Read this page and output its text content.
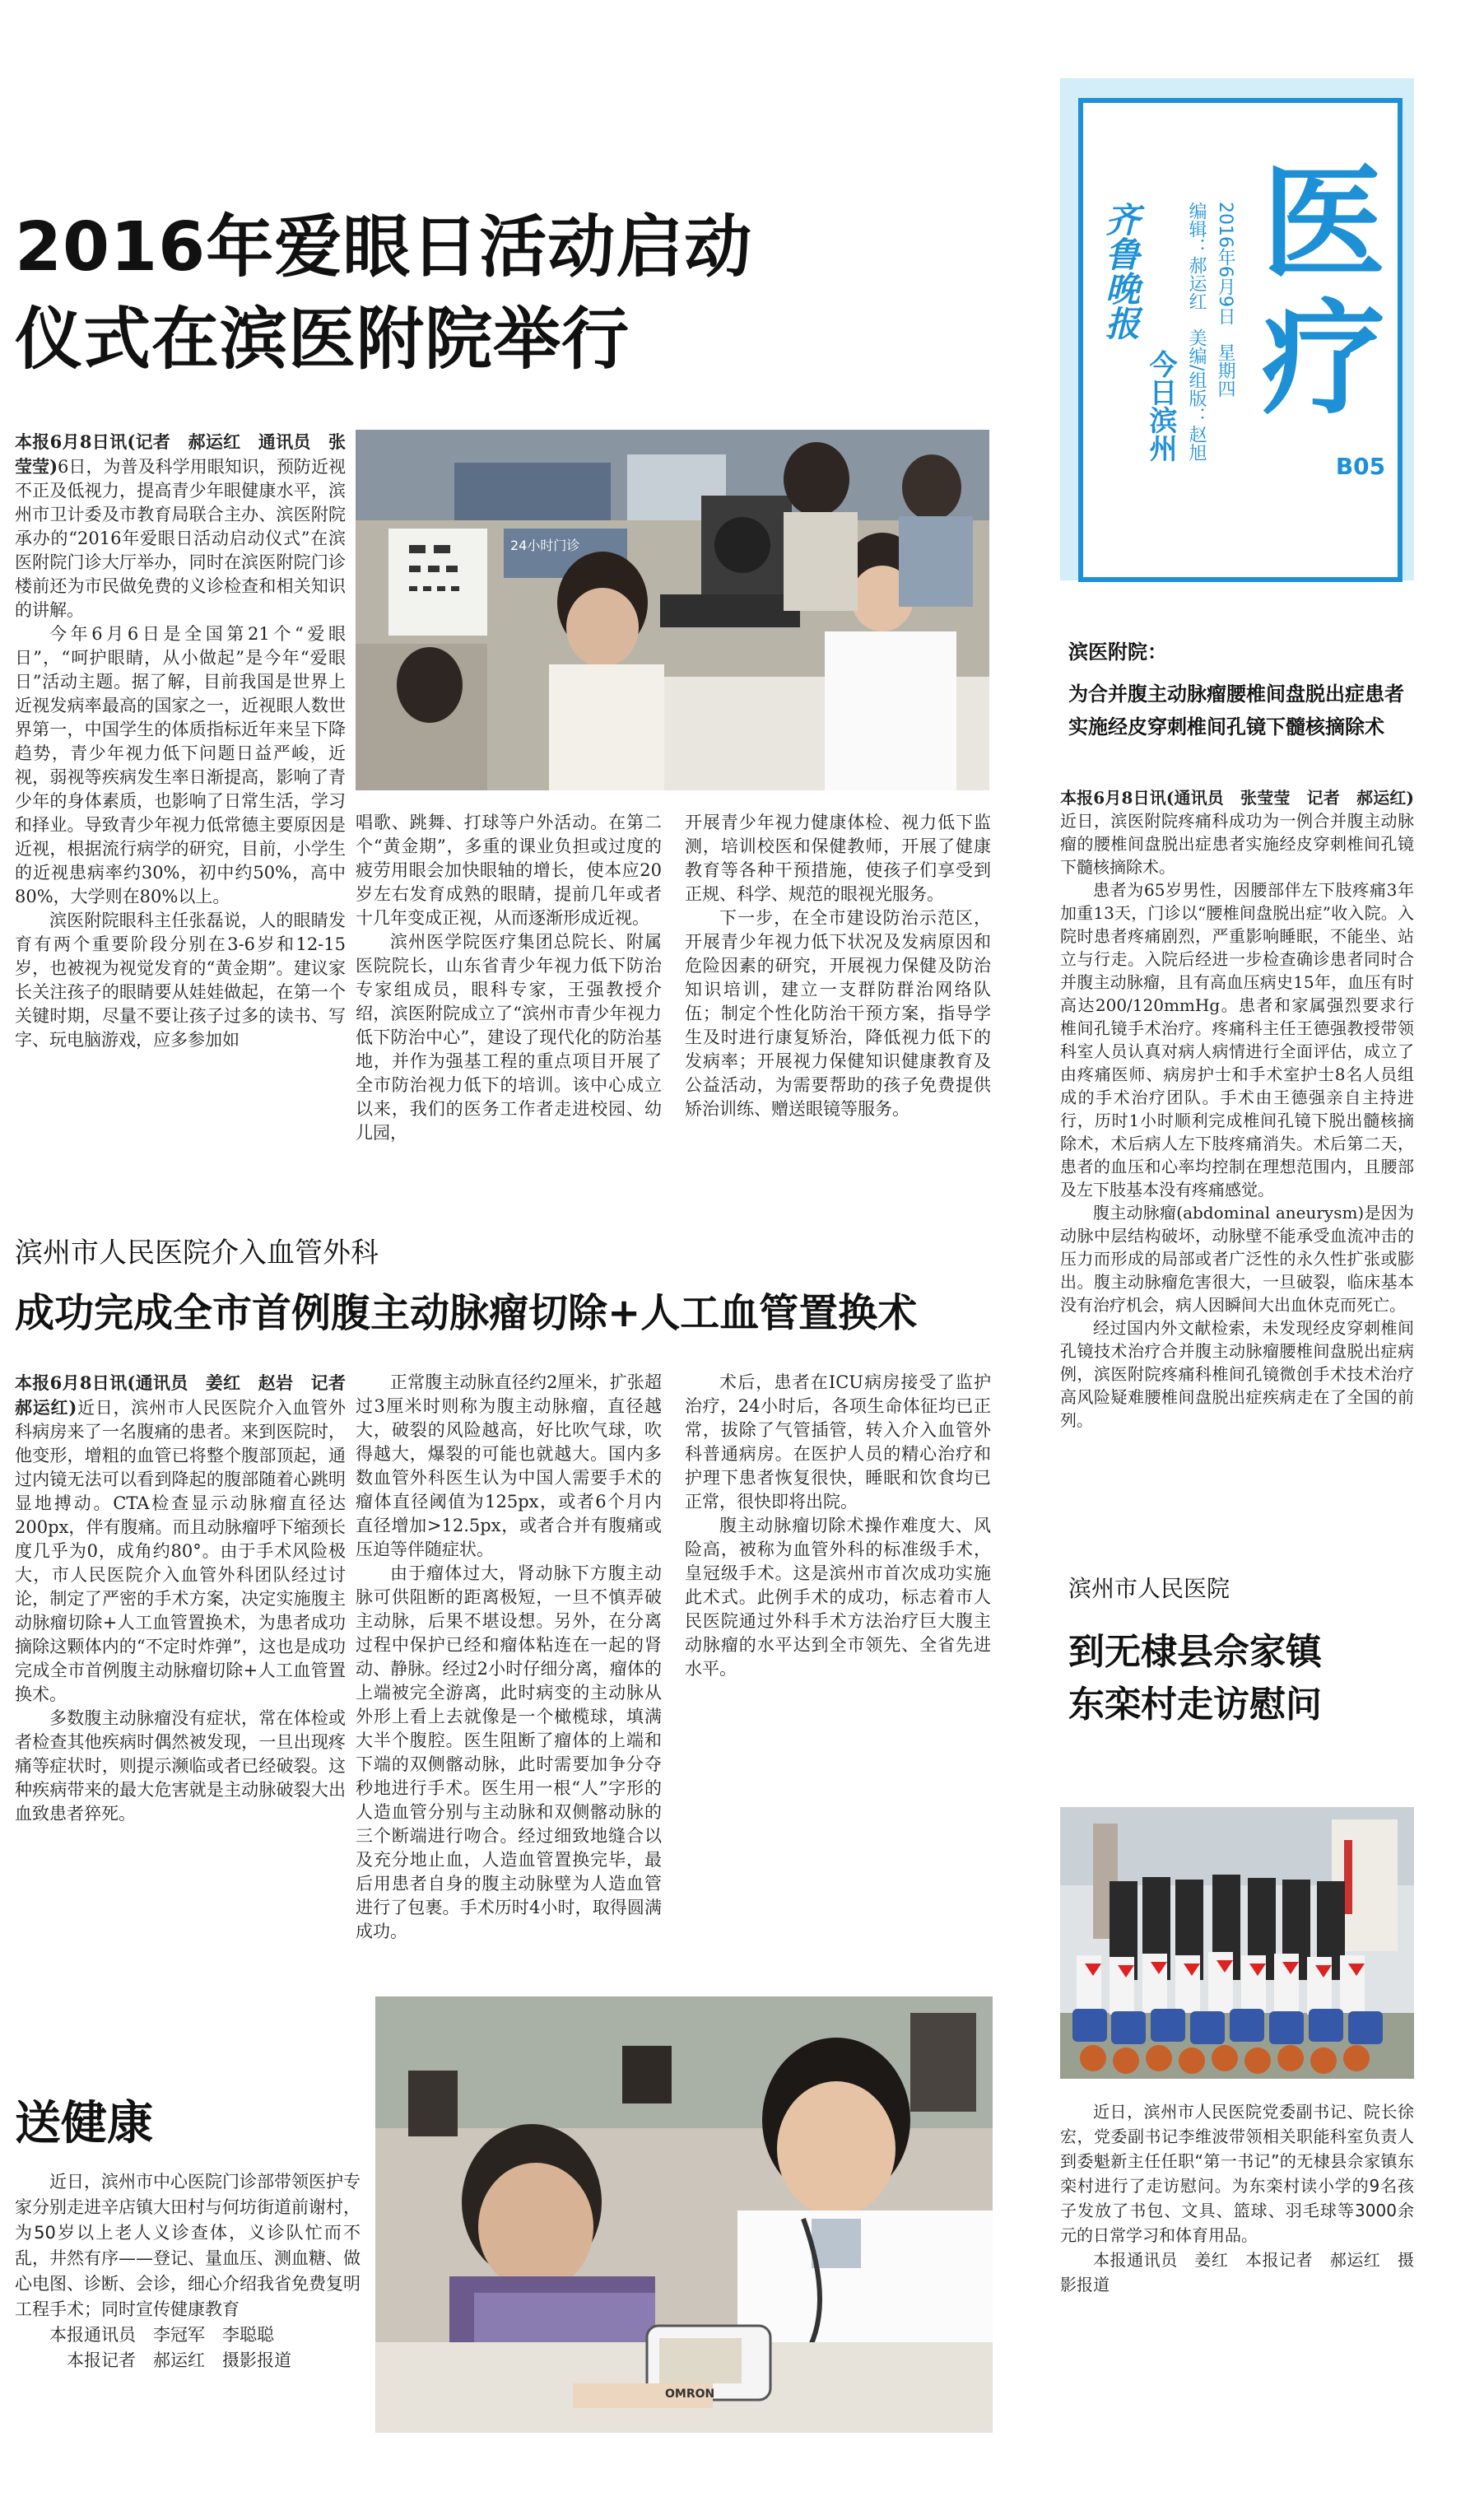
医
疗
齐鲁晚报
今日滨州 编辑：郝运红　美编/组版：赵旭 2016年6月9日　星期四
B05
2016年爱眼日活动启动
仪式在滨医附院举行
24小时门诊

本报6月8日讯(记者　郝运红　通讯员　张莹莹)6日，为普及科学用眼知识，预防近视不正及低视力，提高青少年眼健康水平，滨州市卫计委及市教育局联合主办、滨医附院承办的“2016年爱眼日活动启动仪式”在滨医附院门诊大厅举办，同时在滨医附院门诊楼前还为市民做免费的义诊检查和相关知识的讲解。

今年6月6日是全国第21个“爱眼日”，“呵护眼睛，从小做起”是今年“爱眼日”活动主题。据了解，目前我国是世界上近视发病率最高的国家之一，近视眼人数世界第一，中国学生的体质指标近年来呈下降趋势，青少年视力低下问题日益严峻，近视，弱视等疾病发生率日渐提高，影响了青少年的身体素质，也影响了日常生活，学习和择业。导致青少年视力低常德主要原因是近视，根据流行病学的研究，目前，小学生的近视患病率约30%，初中约50%，高中80%，大学则在80%以上。

滨医附院眼科主任张磊说，人的眼睛发育有两个重要阶段分别在3-6岁和12-15岁，也被视为视觉发育的“黄金期”。建议家长关注孩子的眼睛要从娃娃做起，在第一个关键时期，尽量不要让孩子过多的读书、写字、玩电脑游戏，应多参加如

唱歌、跳舞、打球等户外活动。在第二个“黄金期”，多重的课业负担或过度的疲劳用眼会加快眼轴的增长，使本应20岁左右发育成熟的眼睛，提前几年或者十几年变成正视，从而逐渐形成近视。

滨州医学院医疗集团总院长、附属医院院长，山东省青少年视力低下防治专家组成员，眼科专家，王强教授介绍，滨医附院成立了“滨州市青少年视力低下防治中心”，建设了现代化的防治基地，并作为强基工程的重点项目开展了全市防治视力低下的培训。该中心成立以来，我们的医务工作者走进校园、幼儿园，

开展青少年视力健康体检、视力低下监测，培训校医和保健教师，开展了健康教育等各种干预措施，使孩子们享受到正规、科学、规范的眼视光服务。

下一步，在全市建设防治示范区，开展青少年视力低下状况及发病原因和危险因素的研究，开展视力保健及防治知识培训，建立一支群防群治网络队伍；制定个性化防治干预方案，指导学生及时进行康复矫治，降低视力低下的发病率；开展视力保健知识健康教育及公益活动，为需要帮助的孩子免费提供矫治训练、赠送眼镜等服务。

滨州市人民医院介入血管外科
成功完成全市首例腹主动脉瘤切除+人工血管置换术

本报6月8日讯(通讯员　姜红　赵岩　记者　郝运红)近日，滨州市人民医院介入血管外科病房来了一名腹痛的患者。来到医院时，他变形，增粗的血管已将整个腹部顶起，通过内镜无法可以看到降起的腹部随着心跳明显地搏动。CTA检查显示动脉瘤直径达200px，伴有腹痛。而且动脉瘤呼下缩颈长度几乎为0，成角约80°。由于手术风险极大，市人民医院介入血管外科团队经过讨论，制定了严密的手术方案，决定实施腹主动脉瘤切除+人工血管置换术，为患者成功摘除这颗体内的“不定时炸弹”，这也是成功完成全市首例腹主动脉瘤切除+人工血管置换术。

多数腹主动脉瘤没有症状，常在体检或者检查其他疾病时偶然被发现，一旦出现疼痛等症状时，则提示濒临或者已经破裂。这种疾病带来的最大危害就是主动脉破裂大出血致患者猝死。

正常腹主动脉直径约2厘米，扩张超过3厘米时则称为腹主动脉瘤，直径越大，破裂的风险越高，好比吹气球，吹得越大，爆裂的可能也就越大。国内多数血管外科医生认为中国人需要手术的瘤体直径阈值为125px，或者6个月内直径增加>12.5px，或者合并有腹痛或压迫等伴随症状。

由于瘤体过大，肾动脉下方腹主动脉可供阻断的距离极短，一旦不慎弄破主动脉，后果不堪设想。另外，在分离过程中保护已经和瘤体粘连在一起的肾动、静脉。经过2小时仔细分离，瘤体的上端被完全游离，此时病变的主动脉从外形上看上去就像是一个橄榄球，填满大半个腹腔。医生阻断了瘤体的上端和下端的双侧髂动脉，此时需要加争分夺秒地进行手术。医生用一根“人”字形的人造血管分别与主动脉和双侧髂动脉的三个断端进行吻合。经过细致地缝合以及充分地止血，人造血管置换完毕，最后用患者自身的腹主动脉壁为人造血管进行了包裹。手术历时4小时，取得圆满成功。

术后，患者在ICU病房接受了监护治疗，24小时后，各项生命体征均已正常，拔除了气管插管，转入介入血管外科普通病房。在医护人员的精心治疗和护理下患者恢复很快，睡眠和饮食均已正常，很快即将出院。

腹主动脉瘤切除术操作难度大、风险高，被称为血管外科的标准级手术，皇冠级手术。这是滨州市首次成功实施此术式。此例手术的成功，标志着市人民医院通过外科手术方法治疗巨大腹主动脉瘤的水平达到全市领先、全省先进水平。

OMRON
送健康

近日，滨州市中心医院门诊部带领医护专家分别走进辛店镇大田村与何坊街道前谢村，为50岁以上老人义诊查体，义诊队忙而不乱，井然有序——登记、量血压、测血糖、做心电图、诊断、会诊，细心介绍我省免费复明工程手术；同时宣传健康教育

本报通讯员　李冠军　李聪聪

本报记者　郝运红　摄影报道

滨医附院：
为合并腹主动脉瘤腰椎间盘脱出症患者
实施经皮穿刺椎间孔镜下髓核摘除术

本报6月8日讯(通讯员　张莹莹　记者　郝运红)近日，滨医附院疼痛科成功为一例合并腹主动脉瘤的腰椎间盘脱出症患者实施经皮穿刺椎间孔镜下髓核摘除术。

患者为65岁男性，因腰部伴左下肢疼痛3年加重13天，门诊以“腰椎间盘脱出症”收入院。入院时患者疼痛剧烈，严重影响睡眠，不能坐、站立与行走。入院后经进一步检查确诊患者同时合并腹主动脉瘤，且有高血压病史15年，血压有时高达200/120mmHg。患者和家属强烈要求行椎间孔镜手术治疗。疼痛科主任王德强教授带领科室人员认真对病人病情进行全面评估，成立了由疼痛医师、病房护士和手术室护士8名人员组成的手术治疗团队。手术由王德强亲自主持进行，历时1小时顺利完成椎间孔镜下脱出髓核摘除术，术后病人左下肢疼痛消失。术后第二天，患者的血压和心率均控制在理想范围内，且腰部及左下肢基本没有疼痛感觉。

腹主动脉瘤(abdominal aneurysm)是因为动脉中层结构破坏，动脉壁不能承受血流冲击的压力而形成的局部或者广泛性的永久性扩张或膨出。腹主动脉瘤危害很大，一旦破裂，临床基本没有治疗机会，病人因瞬间大出血休克而死亡。

经过国内外文献检索，未发现经皮穿刺椎间孔镜技术治疗合并腹主动脉瘤腰椎间盘脱出症病例，滨医附院疼痛科椎间孔镜微创手术技术治疗高风险疑难腰椎间盘脱出症疾病走在了全国的前列。

滨州市人民医院
到无棣县佘家镇
东栾村走访慰问

近日，滨州市人民医院党委副书记、院长徐宏，党委副书记李维波带领相关职能科室负责人到委魁新主任任职“第一书记”的无棣县佘家镇东栾村进行了走访慰问。为东栾村读小学的9名孩子发放了书包、文具、篮球、羽毛球等3000余元的日常学习和体育用品。

本报通讯员　姜红　本报记者　郝运红　摄影报道
